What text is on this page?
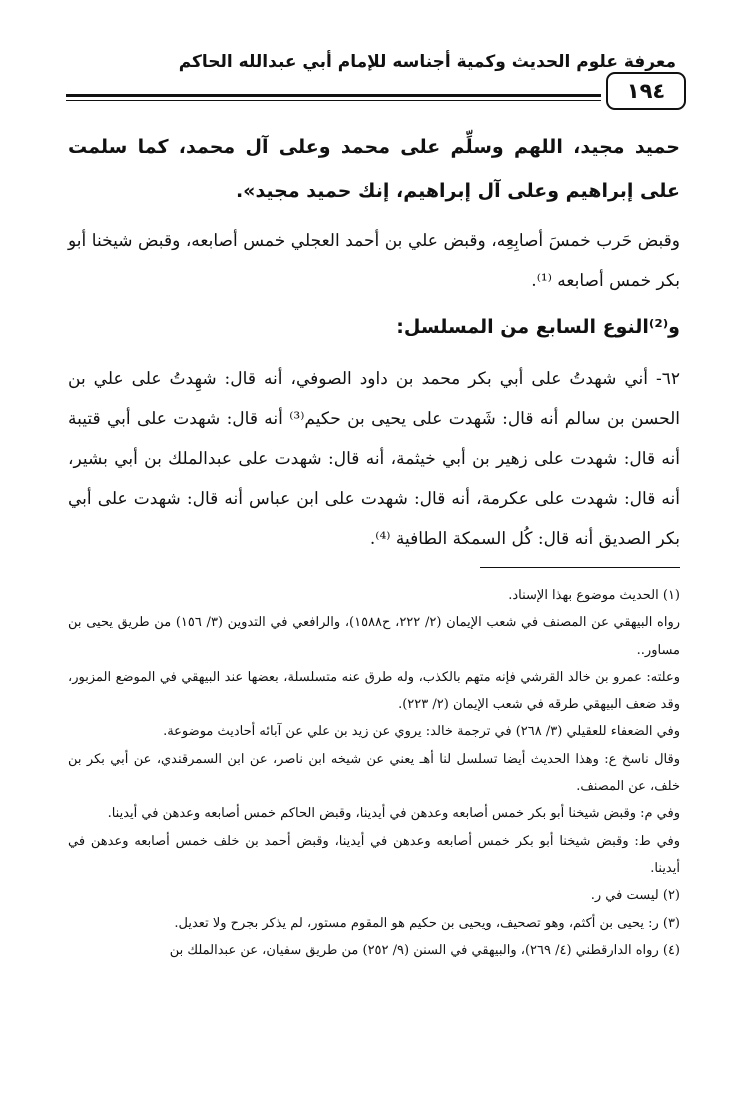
معرفة علوم الحديث وكمية أجناسه للإمام أبي عبدالله الحاكم
١٩٤

حميد مجيد، اللهم وسلِّم على محمد وعلى آل محمد، كما سلمت على إبراهيم وعلى آل إبراهيم، إنك حميد مجيد».

وقبض حَرب خمسَ أصابِعِه، وقبض علي بن أحمد العجلي خمس أصابعه، وقبض شيخنا أبو بكر خمس أصابعه ⁽¹⁾.

و⁽²⁾النوع السابع من المسلسل:

٦٢- أني شهدتُ على أبي بكر محمد بن داود الصوفي، أنه قال: شهِدتُ على علي بن الحسن بن سالم أنه قال: شَهدت على يحيى بن حكيم⁽³⁾ أنه قال: شهدت على أبي قتيبة أنه قال: شهدت على زهير بن أبي خيثمة، أنه قال: شهدت على عبدالملك بن أبي بشير، أنه قال: شهدت على عكرمة، أنه قال: شهدت على ابن عباس أنه قال: شهدت على أبي بكر الصديق أنه قال: كُل السمكة الطافية ⁽⁴⁾.

(١) الحديث موضوع بهذا الإسناد.

رواه البيهقي عن المصنف في شعب الإيمان (٢/ ٢٢٢، ح١٥٨٨)، والرافعي في التدوين (٣/ ١٥٦) من طريق يحيى بن مساور..

وعلته: عمرو بن خالد القرشي فإنه متهم بالكذب، وله طرق عنه متسلسلة، بعضها عند البيهقي في الموضع المزبور، وقد ضعف البيهقي طرقه في شعب الإيمان (٢/ ٢٢٣).

وفي الضعفاء للعقيلي (٣/ ٢٦٨) في ترجمة خالد: يروي عن زيد بن علي عن آبائه أحاديث موضوعة.

وقال ناسخ ع: وهذا الحديث أيضا تسلسل لنا أهـ يعني عن شيخه ابن ناصر، عن ابن السمرقندي، عن أبي بكر بن خلف، عن المصنف.

وفي م: وقبض شيخنا أبو بكر خمس أصابعه وعدهن في أيدينا، وقبض الحاكم خمس أصابعه وعدهن في أيدينا.

وفي ط: وقبض شيخنا أبو بكر خمس أصابعه وعدهن في أيدينا، وقبض أحمد بن خلف خمس أصابعه وعدهن في أيدينا.

(٢) ليست في ر.

(٣) ر: يحيى بن أكثم، وهو تصحيف، ويحيى بن حكيم هو المقوم مستور، لم يذكر بجرح ولا تعديل.

(٤) رواه الدارقطني (٤/ ٢٦٩)، والبيهقي في السنن (٩/ ٢٥٢) من طريق سفيان، عن عبدالملك بن
